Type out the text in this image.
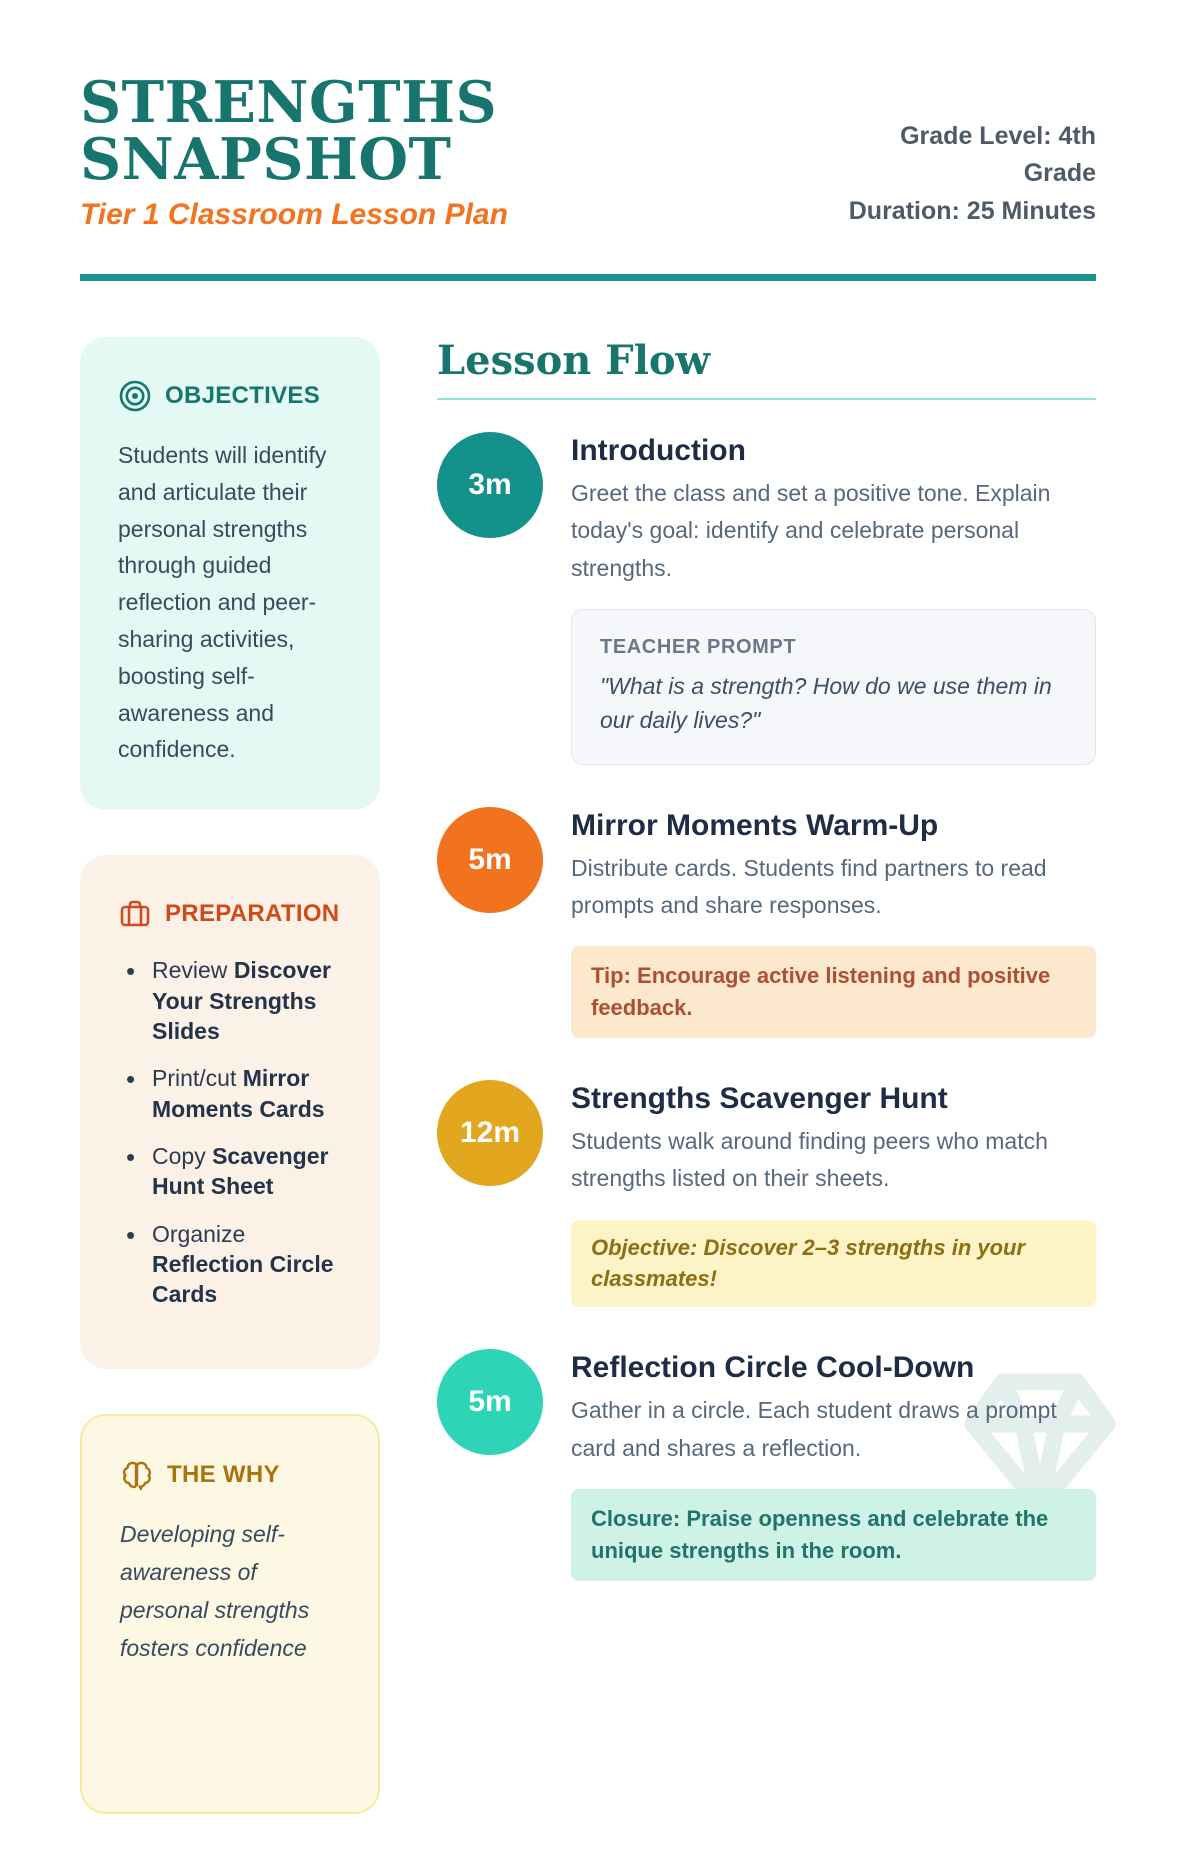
STRENGTHS SNAPSHOT
Tier 1 Classroom Lesson Plan
Grade Level: 4th Grade
Duration: 25 Minutes
OBJECTIVES
Students will identify and articulate their personal strengths through guided reflection and peer-sharing activities, boosting self-awareness and confidence.
PREPARATION
• Review Discover Your Strengths Slides
• Print/cut Mirror Moments Cards
• Copy Scavenger Hunt Sheet
• Organize Reflection Circle Cards
THE WHY
Developing self-awareness of personal strengths fosters confidence
Lesson Flow
3m
Introduction
Greet the class and set a positive tone. Explain today's goal: identify and celebrate personal strengths.
TEACHER PROMPT
"What is a strength? How do we use them in our daily lives?"
5m
Mirror Moments Warm-Up
Distribute cards. Students find partners to read prompts and share responses.
Tip: Encourage active listening and positive feedback.
12m
Strengths Scavenger Hunt
Students walk around finding peers who match strengths listed on their sheets.
Objective: Discover 2–3 strengths in your classmates!
5m
Reflection Circle Cool-Down
Gather in a circle. Each student draws a prompt card and shares a reflection.
Closure: Praise openness and celebrate the unique strengths in the room.
